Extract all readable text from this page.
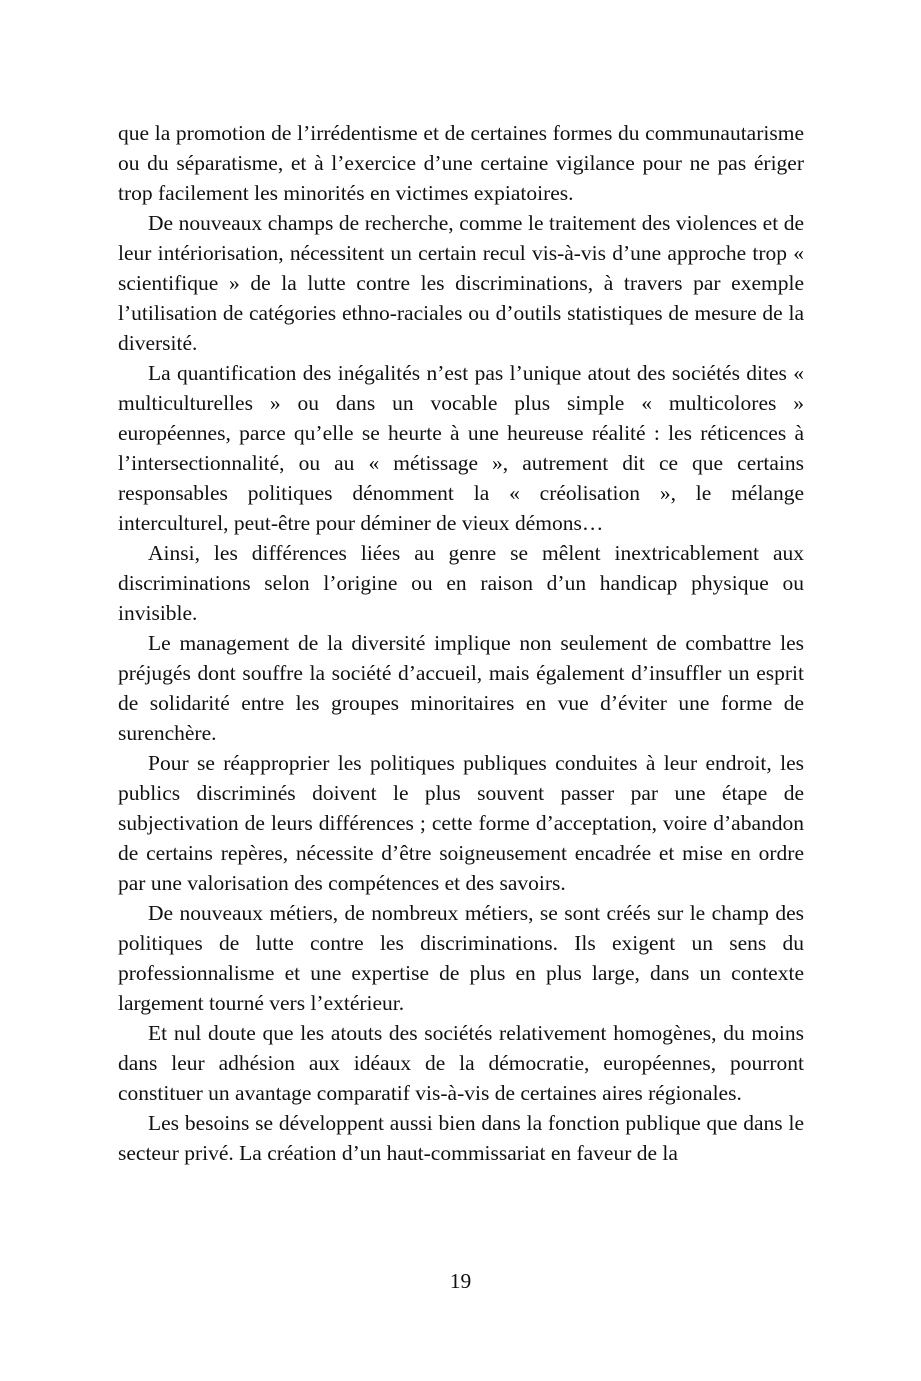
que la promotion de l’irrédentisme et de certaines formes du communautarisme ou du séparatisme, et à l’exercice d’une certaine vigilance pour ne pas ériger trop facilement les minorités en victimes expiatoires.

De nouveaux champs de recherche, comme le traitement des violences et de leur intériorisation, nécessitent un certain recul vis-à-vis d’une approche trop « scientifique » de la lutte contre les discriminations, à travers par exemple l’utilisation de catégories ethno-raciales ou d’outils statistiques de mesure de la diversité.

La quantification des inégalités n’est pas l’unique atout des sociétés dites « multiculturelles » ou dans un vocable plus simple « multicolores » européennes, parce qu’elle se heurte à une heureuse réalité : les réticences à l’intersectionnalité, ou au « métissage », autrement dit ce que certains responsables politiques dénomment la « créolisation », le mélange interculturel, peut-être pour déminer de vieux démons…

Ainsi, les différences liées au genre se mêlent inextricablement aux discriminations selon l’origine ou en raison d’un handicap physique ou invisible.

Le management de la diversité implique non seulement de combattre les préjugés dont souffre la société d’accueil, mais également d’insuffler un esprit de solidarité entre les groupes minoritaires en vue d’éviter une forme de surenchère.

Pour se réapproprier les politiques publiques conduites à leur endroit, les publics discriminés doivent le plus souvent passer par une étape de subjectivation de leurs différences ; cette forme d’acceptation, voire d’abandon de certains repères, nécessite d’être soigneusement encadrée et mise en ordre par une valorisation des compétences et des savoirs.

De nouveaux métiers, de nombreux métiers, se sont créés sur le champ des politiques de lutte contre les discriminations. Ils exigent un sens du professionnalisme et une expertise de plus en plus large, dans un contexte largement tourné vers l’extérieur.

Et nul doute que les atouts des sociétés relativement homogènes, du moins dans leur adhésion aux idéaux de la démocratie, européennes, pourront constituer un avantage comparatif vis-à-vis de certaines aires régionales.

Les besoins se développent aussi bien dans la fonction publique que dans le secteur privé. La création d’un haut-commissariat en faveur de la

19
